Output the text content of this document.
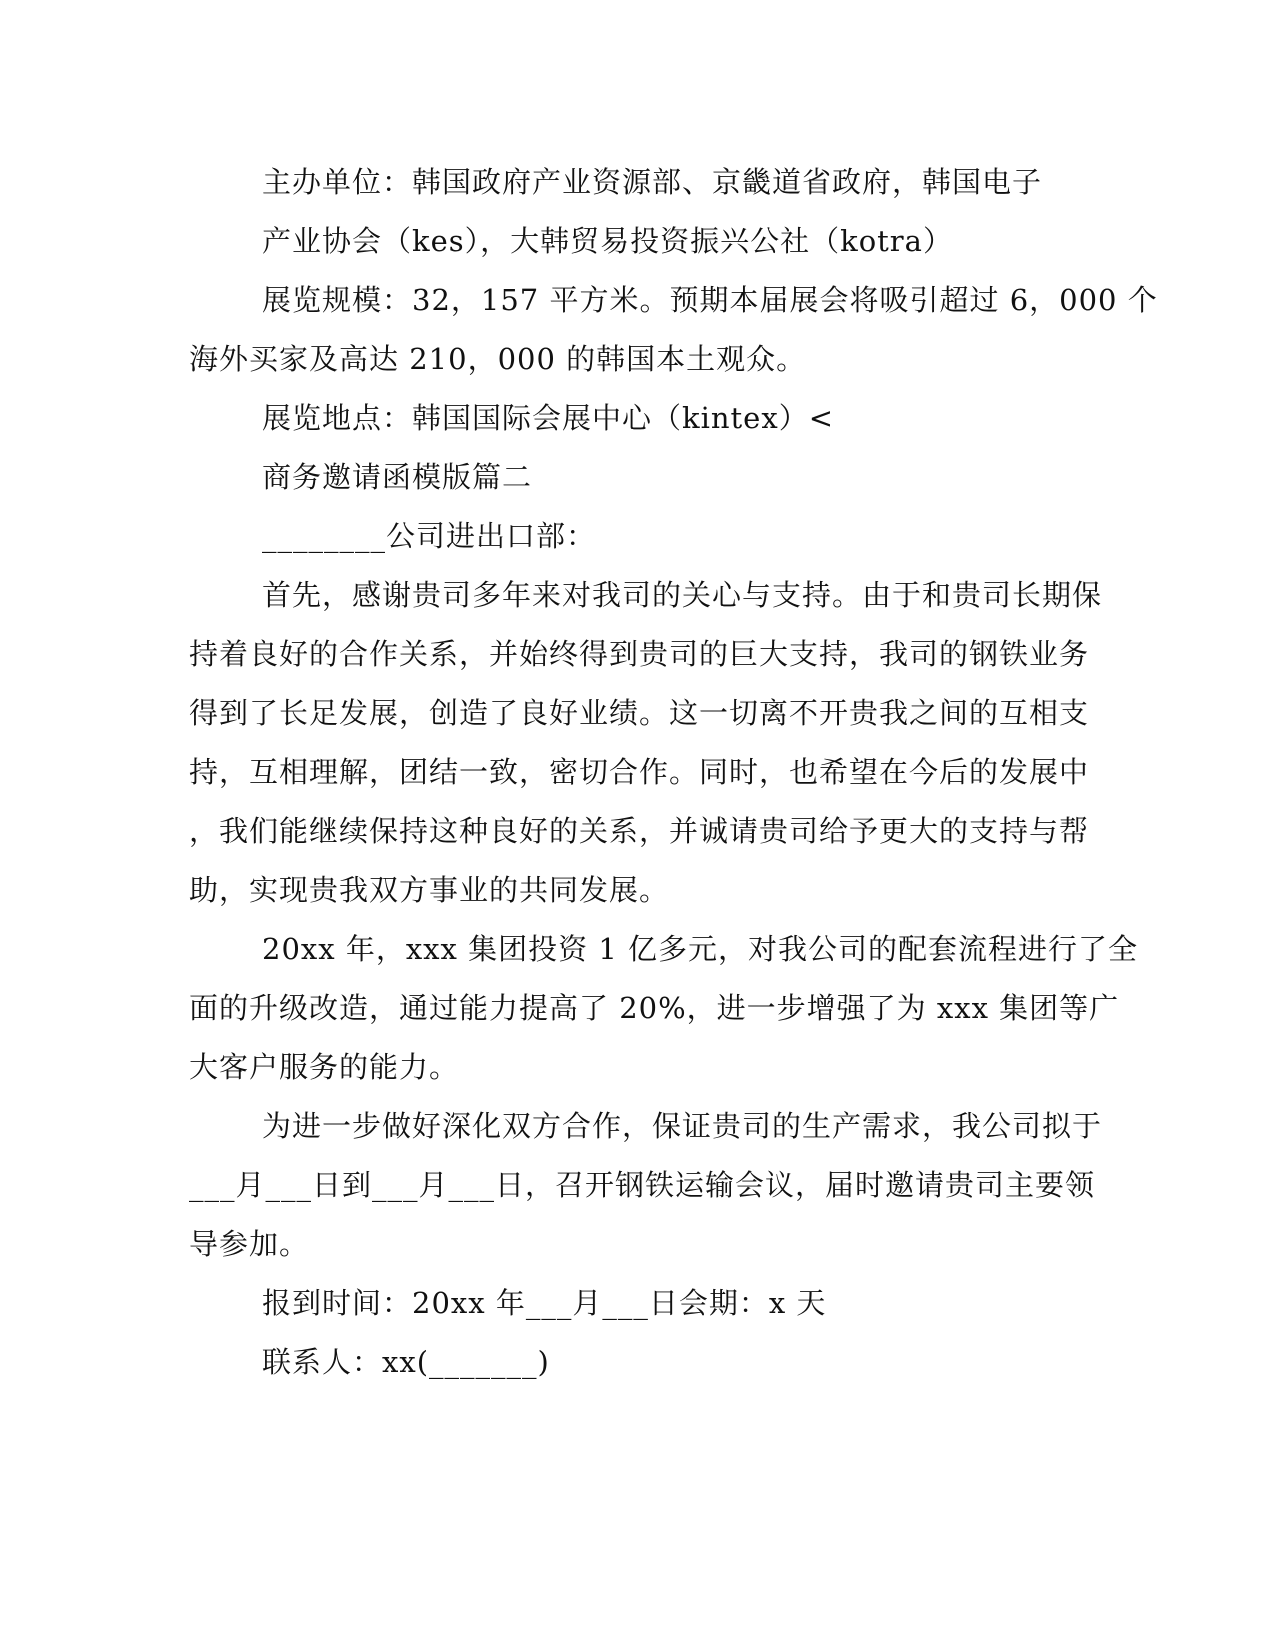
主办单位：韩国政府产业资源部、京畿道省政府，韩国电子
产业协会（kes），大韩贸易投资振兴公社（kotra）
展览规模：32，157 平方米。预期本届展会将吸引超过 6，000 个
海外买家及高达 210，000 的韩国本土观众。
展览地点：韩国国际会展中心（kintex）<
商务邀请函模版篇二
________公司进出口部：
首先，感谢贵司多年来对我司的关心与支持。由于和贵司长期保
持着良好的合作关系，并始终得到贵司的巨大支持，我司的钢铁业务
得到了长足发展，创造了良好业绩。这一切离不开贵我之间的互相支
持，互相理解，团结一致，密切合作。同时，也希望在今后的发展中
，我们能继续保持这种良好的关系，并诚请贵司给予更大的支持与帮
助，实现贵我双方事业的共同发展。
20xx 年，xxx 集团投资 1 亿多元，对我公司的配套流程进行了全
面的升级改造，通过能力提高了 20%，进一步增强了为 xxx 集团等广
大客户服务的能力。
为进一步做好深化双方合作，保证贵司的生产需求，我公司拟于
___月___日到___月___日，召开钢铁运输会议，届时邀请贵司主要领
导参加。
报到时间：20xx 年___月___日会期：x 天
联系人：xx(_______)
